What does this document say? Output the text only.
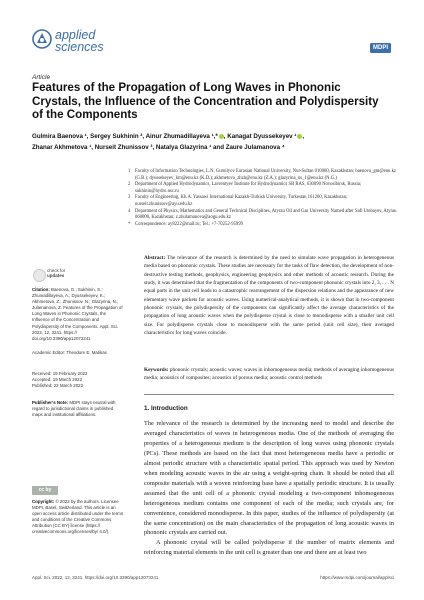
applied
sciences	MDPI
Article
Features of the Propagation of Long Waves in Phononic Crystals, the Influence of the Concentration and Polydispersity of the Components
Gulmira Baenova ¹, Sergey Sukhinin ², Ainur Zhumadillayeva ¹,* , Kanagat Dyussekeyev ¹ ,
Zhanar Akhmetova ¹, Nurseit Zhunissov ³, Natalya Glazyrina ¹ and Zaure Julamanova ⁴
1 Faculty of Information Technologies, L.N. Gumilyov Eurasian National University, Nur-Sultan 010000, Kazakhstan; baenova_gm@enu.kz (G.B.); dyussekeyev_km@enu.kz (K.D.); akhmetova_zhzh@enu.kz (Z.A.); glazyrina_ns_1@enu.kz (N.G.)
2 Department of Applied Hydrodynamics, Lavrentyev Institute for Hydrodynamics SB RAS, 630090 Novosibirsk, Russia; sukhinin@hydro.nsc.ru
3 Faculty of Engineering, Kh.A. Yassawi International Kazakh-Turkish University, Turkestan 161200, Kazakhstan; nurseit.zhunissov@ayu.edu.kz
4 Department of Physics, Mathematics and General Technical Disciplines, Atyrau Oil and Gas University Named after Safi Utebayev, Atyrau 060000, Kazakhstan; z.zhulamanova@aogu.edu.kz
* Correspondence: ay8222@mail.ru; Tel.: +7-70252-95999
check for
updates
Citation: Baenova, G.; Sukhinin, S.; Zhumadillayeva, A.; Dyussekeyev, K.; Akhmetova, Z.; Zhunissov, N.; Glazyrina, N.; Julamanova, Z. Features of the Propagation of Long Waves in Phononic Crystals, the Influence of the Concentration and Polydispersity of the Components. Appl. Sci. 2022, 12, 3241. https:// doi.org/10.3390/app12073241
Academic Editor: Theodore E. Matikas
Received: 19 February 2022
Accepted: 19 March 2022
Published: 22 March 2022
Publisher’s Note: MDPI stays neutral with regard to jurisdictional claims in published maps and institutional affiliations.
cc by
Copyright: © 2022 by the authors. Licensee MDPI, Basel, Switzerland. This article is an open access article distributed under the terms and conditions of the Creative Commons Attribution (CC BY) license (https:// creativecommons.org/licenses/by/ 4.0/).
Abstract: The relevance of the research is determined by the need to simulate wave propagation in heterogeneous media based on phononic crystals. These studies are necessary for the tasks of flaw detection, the development of non-destructive testing methods, geophysics, engineering geophysics and other methods of acoustic research. During the study, it was determined that the fragmentation of the components of two-component phononic crystals into 2, 3, . . . N equal parts in the unit cell leads to a catastrophic rearrangement of the dispersion relations and the appearance of new elementary wave packets for acoustic waves. Using numerical-analytical methods, it is shown that in two-component phononic crystals, the polydispersity of the components can significantly affect the average characteristics of the propagation of long acoustic waves when the polydisperse crystal is close to monodisperse with a smaller unit cell size. For polydisperse crystals close to monodisperse with the same period (unit cell size), their averaged characteristics for long waves coincide.
Keywords: phononic crystals; acoustic waves; waves in inhomogeneous media; methods of averaging inhomogeneous media; acoustics of composites; acoustics of porous media; acoustic control methods
1. Introduction

The relevance of the research is determined by the increasing need to model and describe the averaged characteristics of waves in heterogeneous media. One of the methods of averaging the properties of a heterogeneous medium is the description of long waves using phononic crystals (PCs). These methods are based on the fact that most heterogeneous media have a periodic or almost periodic structure with a characteristic spatial period. This approach was used by Newton when modeling acoustic waves in the air using a weight-spring chain. It should be noted that all composite materials with a woven reinforcing base have a spatially periodic structure. It is usually assumed that the unit cell of a phononic crystal modeling a two-component inhomogeneous heterogeneous medium contains one component of each of the media; such crystals are, for convenience, considered monodisperse. In this paper, studies of the influence of polydispersity (at the same concentration) on the main characteristics of the propagation of long acoustic waves in phononic crystals are carried out.

A phononic crystal will be called polydisperse if the number of matrix elements and reinforcing material elements in the unit cell is greater than one and there are at least two

Appl. Sci. 2022, 12, 3241. https://doi.org/10.3390/app12073241	https://www.mdpi.com/journal/applsci
